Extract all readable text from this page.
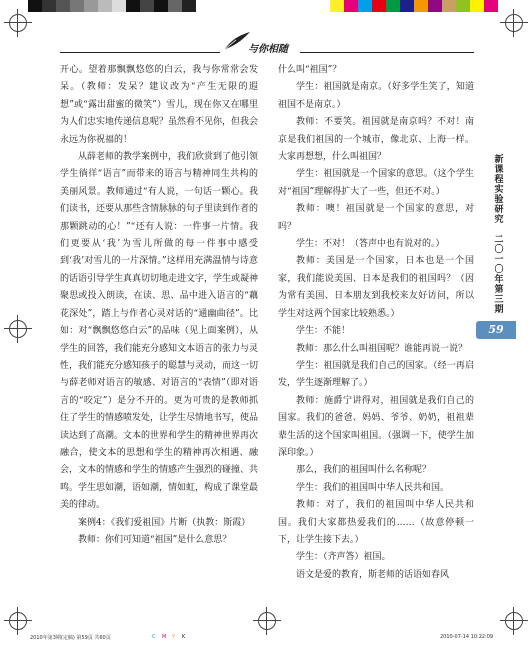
与你相随

开心。望着那飘飘悠悠的白云，我与你常常会发呆。（教师：发呆？建议改为“产生无限的遐想”或“露出甜蜜的微笑”）雪儿，现在你又在哪里为人们忠实地传递信息呢？虽然看不见你，但我会永远为你祝福的！

从薛老师的教学案例中，我们欣赏到了他引领学生徜徉“语言”而带来的语言与精神同生共构的美丽风景。教师通过“有人说，一句话一颗心。我们读书，还要从那些含情脉脉的句子里读到作者的那颗跳动的心！”“还有人说：一件事一片情。我们更要从‘我’为雪儿所做的每一件事中感受到‘我’对雪儿的一片深情。”这样用充满温情与诗意的话语引导学生真真切切地走进文字，学生或凝神聚思或投入朗读，在读、思、品中进入语言的“藕花深处”，踏上与作者心灵对话的“通幽曲径”。比如：对“飘飘悠悠白云”的品味（见上面案例），从学生的回答，我们能充分感知文本语言的张力与灵性，我们能充分感知孩子的聪慧与灵动，而这一切与薛老师对语言的敏感、对语言的“表情”（即对语言的“咬定”）是分不开的。更为可贵的是教师抓住了学生的情感喷发处，让学生尽情地书写，使品读达到了高潮。文本的世界和学生的精神世界再次融合，使文本的思想和学生的精神再次相遇、融会，文本的情感和学生的情感产生强烈的碰撞、共鸣。学生思如潮，语如潮，情如虹，构成了课堂最美的律动。

案例4：《我们爱祖国》片断（执教：斯霞）

教师：你们可知道“祖国”是什么意思？

什么叫“祖国”？

学生：祖国就是南京。（好多学生笑了，知道祖国不是南京。）

教师：不要笑。祖国就是南京吗？不对！南京是我们祖国的一个城市，像北京、上海一样。大家再想想，什么叫祖国？

学生：祖国就是一个国家的意思。（这个学生对“祖国”理解得扩大了一些，但还不对。）

教师：噢！祖国就是一个国家的意思，对吗？

学生：不对！（答声中也有说对的。）

教师：美国是一个国家，日本也是一个国家，我们能说美国、日本是我们的祖国吗？（因为常有美国、日本朋友到我校来友好访问，所以学生对这两个国家比较熟悉。）

学生：不能！

教师：那么什么叫祖国呢？谁能再说一说？

学生：祖国就是我们自己的国家。（经一再启发，学生逐渐理解了。）

教师：施爵宁讲得对，祖国就是我们自己的国家。我们的爸爸、妈妈、爷爷、奶奶，祖祖辈辈生活的这个国家叫祖国。（强调一下，使学生加深印象。）

那么，我们的祖国叫什么名称呢？

学生：我们的祖国叫中华人民共和国。

教师：对了，我们的祖国叫中华人民共和国。我们大家都热爱我们的……（故意停顿一下，让学生接下去。）

学生：（齐声答）祖国。

语文是爱的教育，斯老师的话语如春风

新课程实验研究
二〇一〇年第三期
59
2010年第3期(定稿) 第59页 共60页	C M Y K	2010-07-14 10:22:09
